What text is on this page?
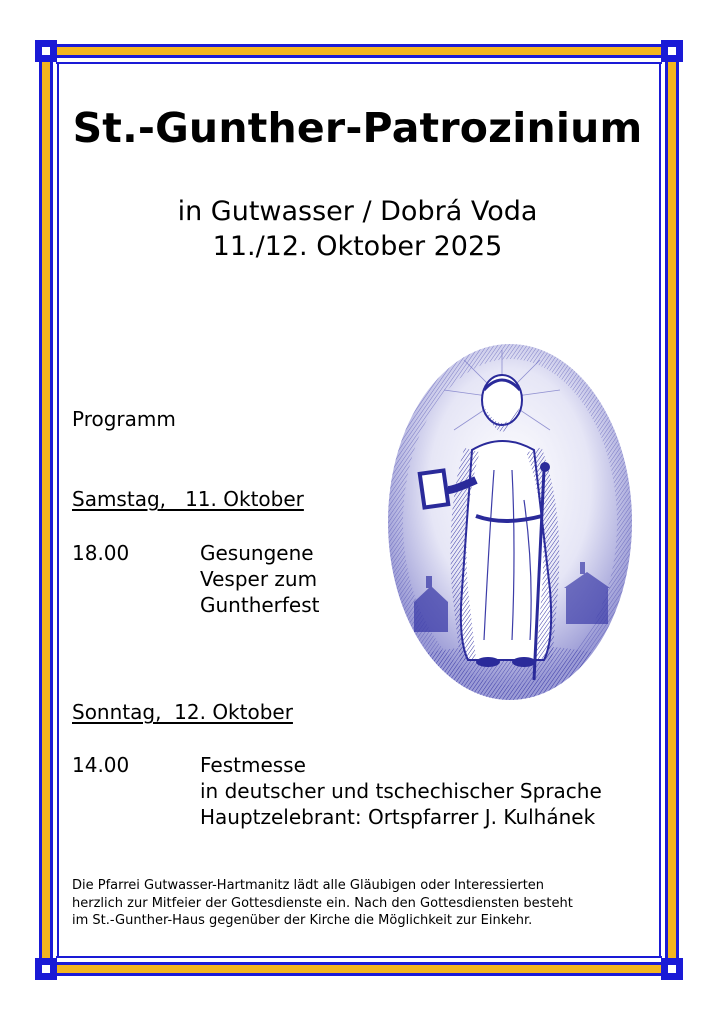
St.-Gunther-Patrozinium
in Gutwasser / Dobrá Voda
11./12. Oktober 2025
Programm
Samstag,   11. Oktober
18.00	Gesungene
Vesper zum
Guntherfest
Sonntag,  12. Oktober
14.00	Festmesse
in deutscher und tschechischer Sprache
Hauptzelebrant: Ortspfarrer J. Kulhánek
Die Pfarrei Gutwasser-Hartmanitz lädt alle Gläubigen oder Interessierten
herzlich zur Mitfeier der Gottesdienste ein. Nach den Gottesdiensten besteht
im St.-Gunther-Haus gegenüber der Kirche die Möglichkeit zur Einkehr.
